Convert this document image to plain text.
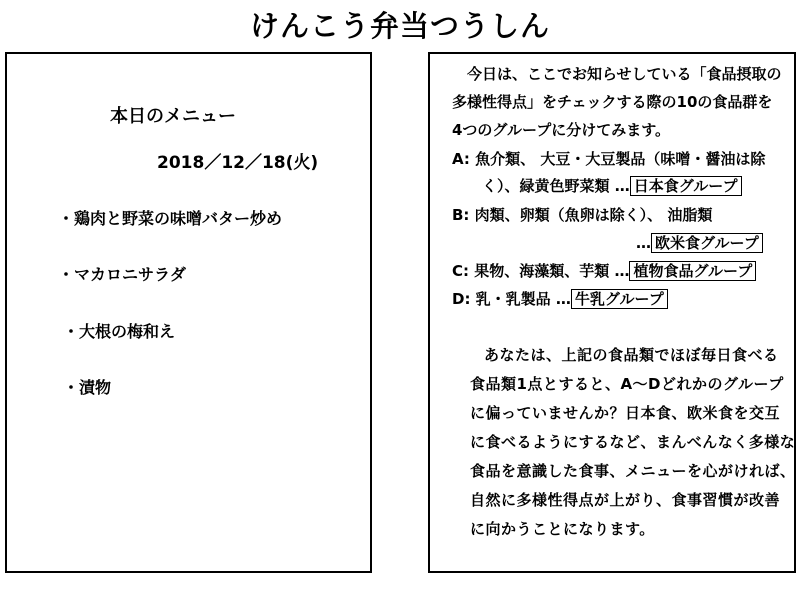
けんこう弁当つうしん
本日のメニュー
2018／12／18(火)
・鶏肉と野菜の味噌バター炒め
・マカロニサラダ
・大根の梅和え
・漬物
今日は、ここでお知らせしている「食品摂取の
多様性得点」をチェックする際の10の食品群を
4つのグループに分けてみます。
A: 魚介類、 大豆・大豆製品（味噌・醤油は除
く）、緑黄色野菜類 … 日本食グループ
B: 肉類、卵類（魚卵は除く）、 油脂類
… 欧米食グループ
C: 果物、海藻類、芋類 … 植物食品グループ
D: 乳・乳製品 … 牛乳グループ
あなたは、上記の食品類でほぼ毎日食べる
食品類1点とすると、A～Dどれかのグループ
に偏っていませんか？日本食、欧米食を交互
に食べるようにするなど、まんべんなく多様な
食品を意識した食事、メニューを心がければ、
自然に多様性得点が上がり、食事習慣が改善
に向かうことになります。
